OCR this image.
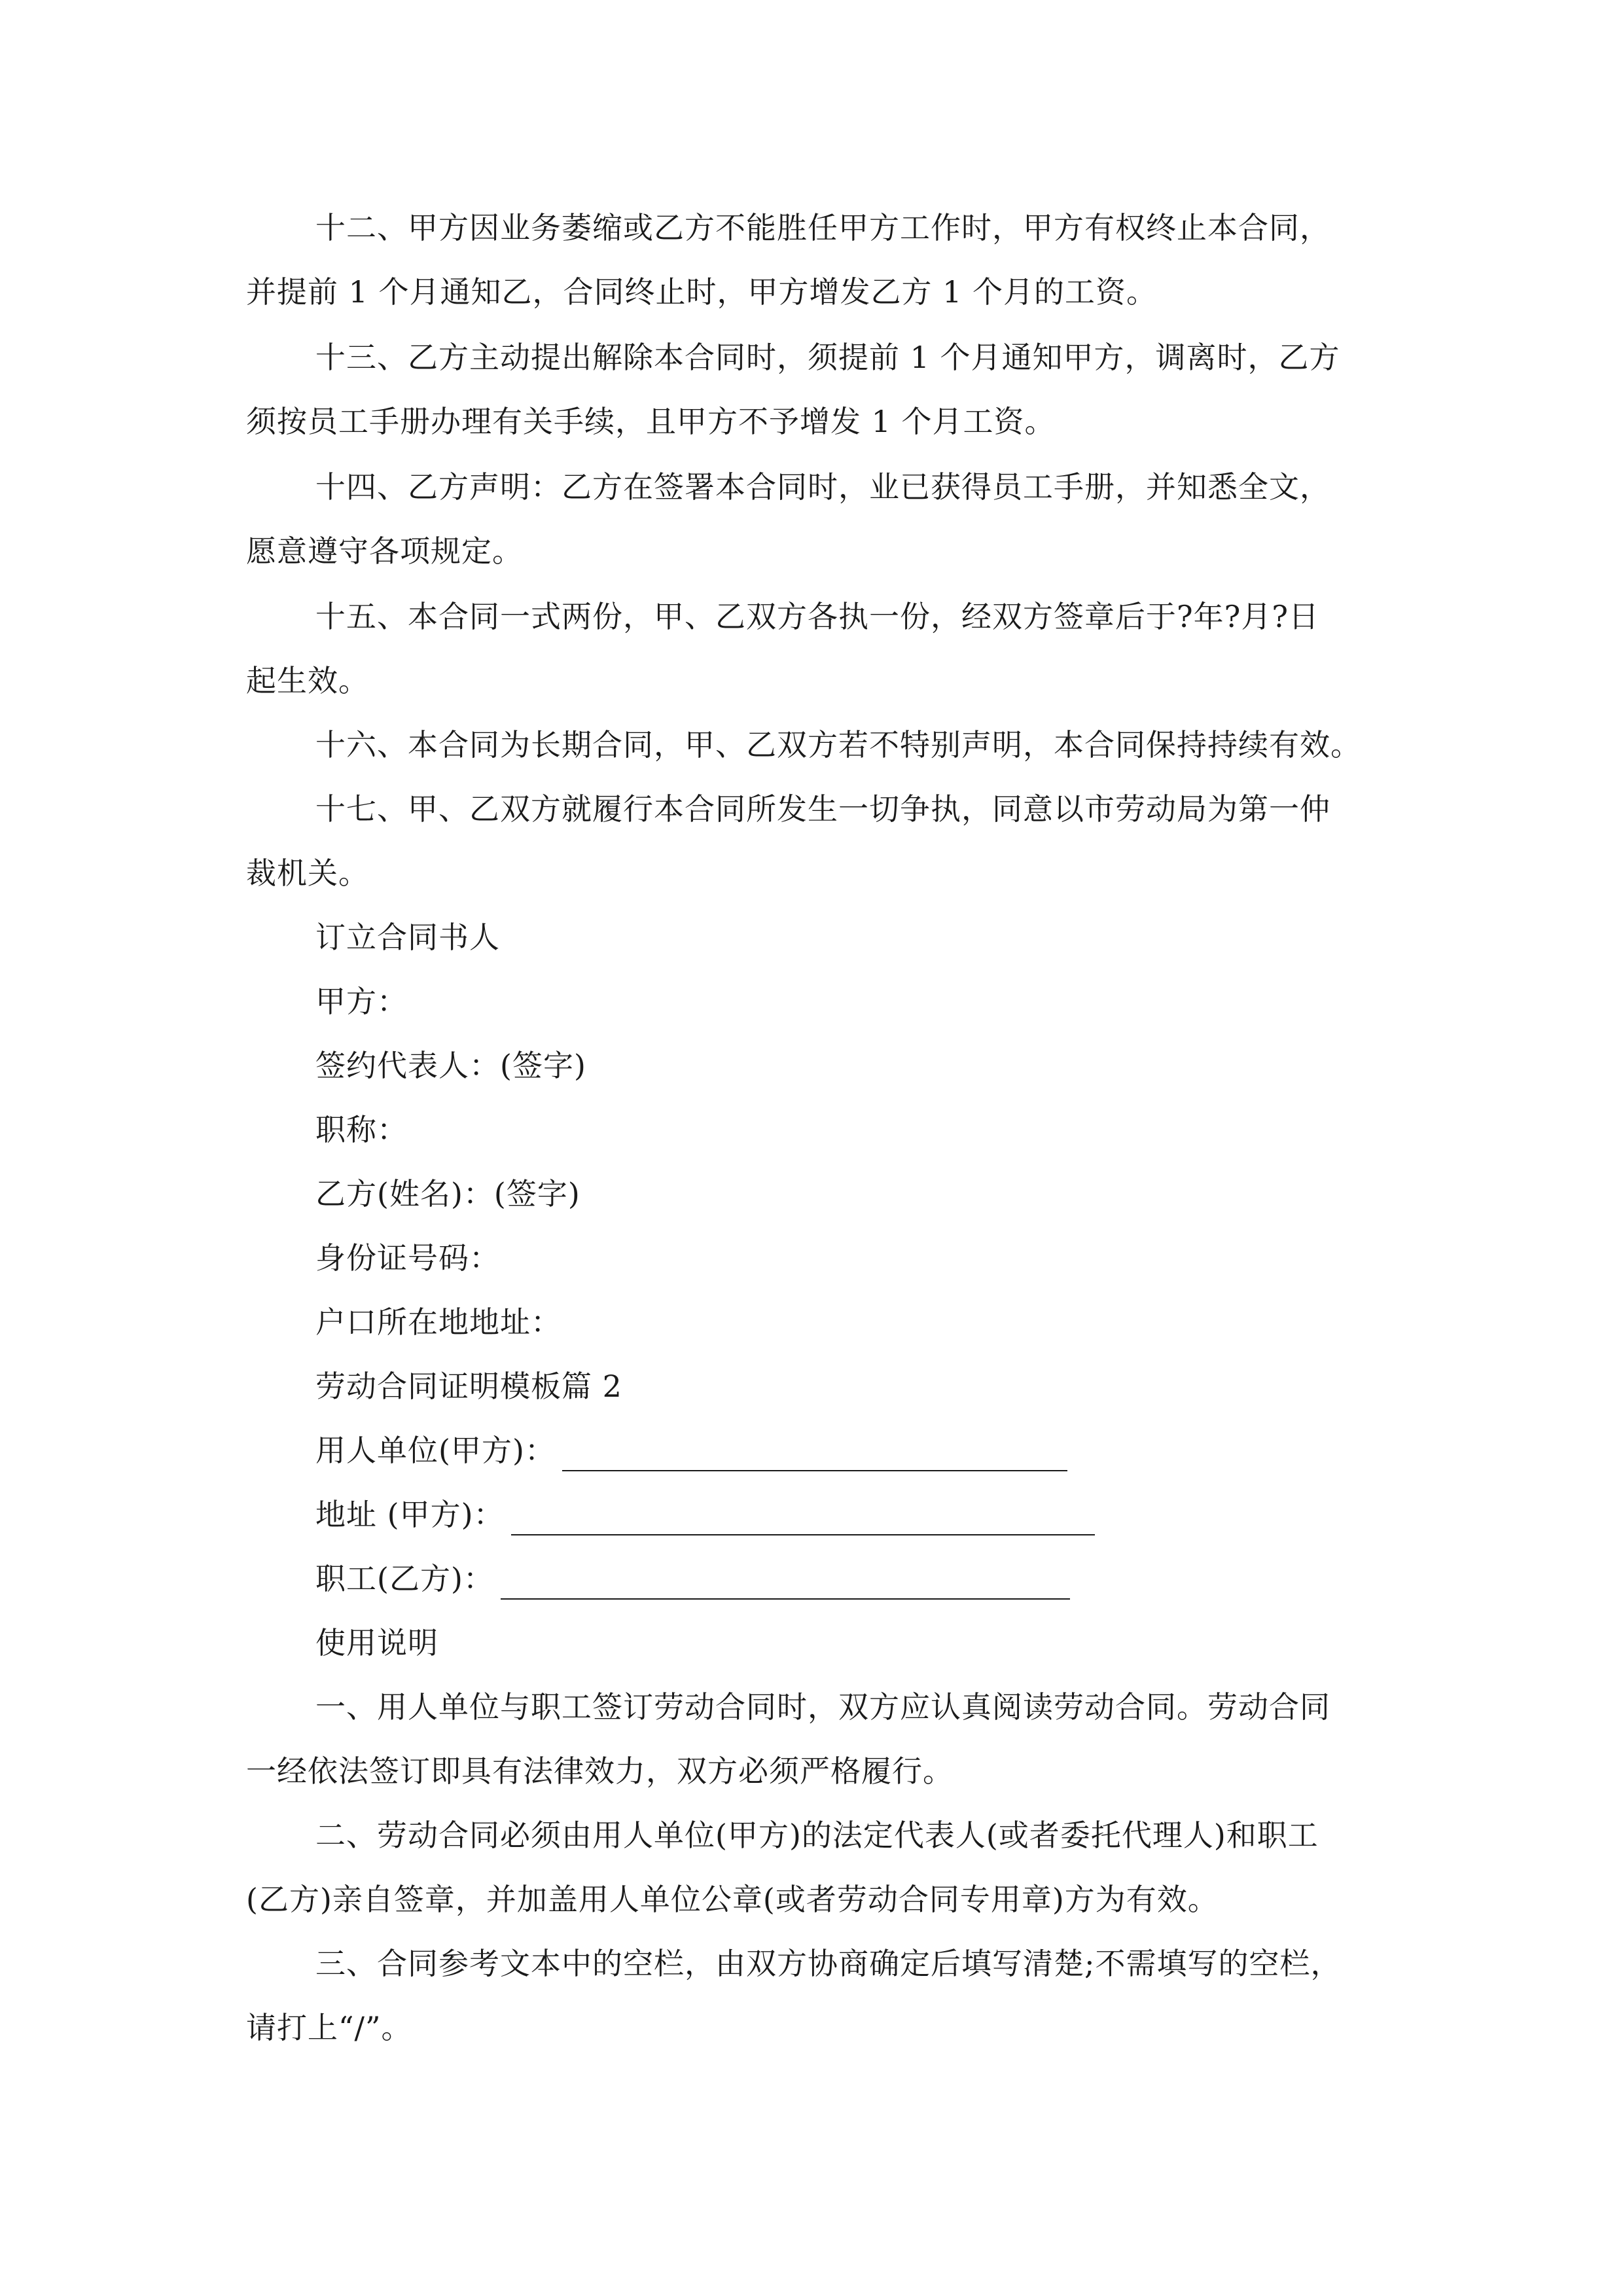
十二、甲方因业务萎缩或乙方不能胜任甲方工作时，甲方有权终止本合同，
并提前 1 个月通知乙，合同终止时，甲方增发乙方 1 个月的工资。
十三、乙方主动提出解除本合同时，须提前 1 个月通知甲方，调离时，乙方
须按员工手册办理有关手续，且甲方不予增发 1 个月工资。
十四、乙方声明：乙方在签署本合同时，业已获得员工手册，并知悉全文，
愿意遵守各项规定。
十五、本合同一式两份，甲、乙双方各执一份，经双方签章后于?年?月?日
起生效。
十六、本合同为长期合同，甲、乙双方若不特别声明，本合同保持持续有效。
十七、甲、乙双方就履行本合同所发生一切争执，同意以市劳动局为第一仲
裁机关。
订立合同书人
甲方：
签约代表人：(签字)
职称：
乙方(姓名)：(签字)
身份证号码：
户口所在地地址：
劳动合同证明模板篇 2
用人单位(甲方)：
地址 (甲方)：
职工(乙方)：
使用说明
一、用人单位与职工签订劳动合同时，双方应认真阅读劳动合同。劳动合同
一经依法签订即具有法律效力，双方必须严格履行。
二、劳动合同必须由用人单位(甲方)的法定代表人(或者委托代理人)和职工
(乙方)亲自签章，并加盖用人单位公章(或者劳动合同专用章)方为有效。
三、合同参考文本中的空栏，由双方协商确定后填写清楚;不需填写的空栏，
请打上“/”。
